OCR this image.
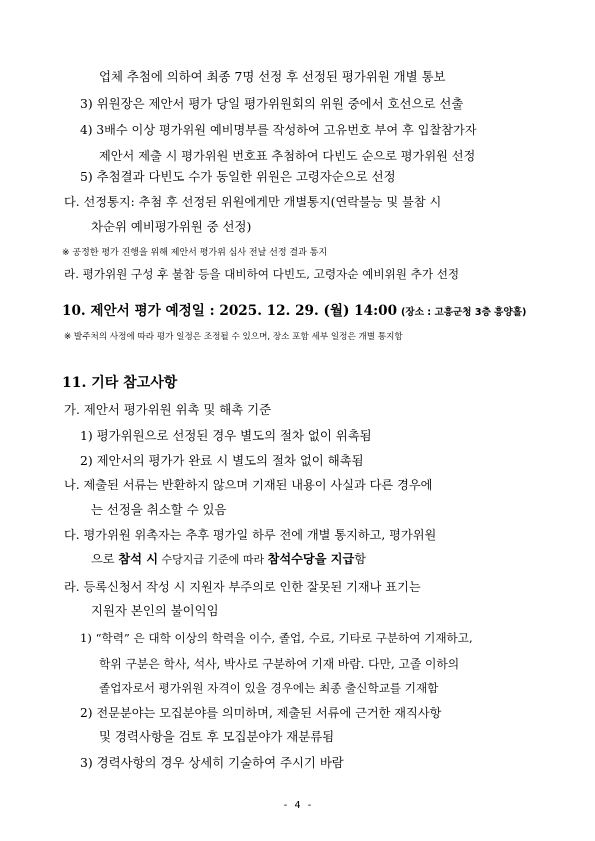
업체 추첨에 의하여 최종 7명 선정 후 선정된 평가위원 개별 통보
3) 위원장은 제안서 평가 당일 평가위원회의 위원 중에서 호선으로 선출
4) 3배수 이상 평가위원 예비명부를 작성하여 고유번호 부여 후 입찰참가자
제안서 제출 시 평가위원 번호표 추첨하여 다빈도 순으로 평가위원 선정
5) 추첨결과 다빈도 수가 동일한 위원은 고령자순으로 선정
다. 선정통지: 추첨 후 선정된 위원에게만 개별통지(연락불능 및 불참 시
차순위 예비평가위원 중 선정)
※ 공정한 평가 진행을 위해 제안서 평가위 심사 전날 선정 결과 통지
라. 평가위원 구성 후 불참 등을 대비하여 다빈도, 고령자순 예비위원 추가 선정
10. 제안서 평가 예정일 : 2025. 12. 29. (월) 14:00 (장소 : 고흥군청 3층 흥양홀)
※ 발주처의 사정에 따라 평가 일정은 조정될 수 있으며, 장소 포함 세부 일정은 개별 통지함
11. 기타 참고사항
가. 제안서 평가위원 위촉 및 해촉 기준
1) 평가위원으로 선정된 경우 별도의 절차 없이 위촉됨
2) 제안서의 평가가 완료 시 별도의 절차 없이 해촉됨
나. 제출된 서류는 반환하지 않으며 기재된 내용이 사실과 다른 경우에
는 선정을 취소할 수 있음
다. 평가위원 위촉자는 추후 평가일 하루 전에 개별 통지하고, 평가위원
으로 참석 시 수당지급 기준에 따라 참석수당을 지급함
라. 등록신청서 작성 시 지원자 부주의로 인한 잘못된 기재나 표기는
지원자 본인의 불이익임
1) “학력” 은 대학 이상의 학력을 이수, 졸업, 수료, 기타로 구분하여 기재하고,
학위 구분은 학사, 석사, 박사로 구분하여 기재 바람. 다만, 고졸 이하의
졸업자로서 평가위원 자격이 있을 경우에는 최종 출신학교를 기재함
2) 전문분야는 모집분야를 의미하며, 제출된 서류에 근거한 재직사항
및 경력사항을 검토 후 모집분야가 재분류됨
3) 경력사항의 경우 상세히 기술하여 주시기 바람
- 4 -
